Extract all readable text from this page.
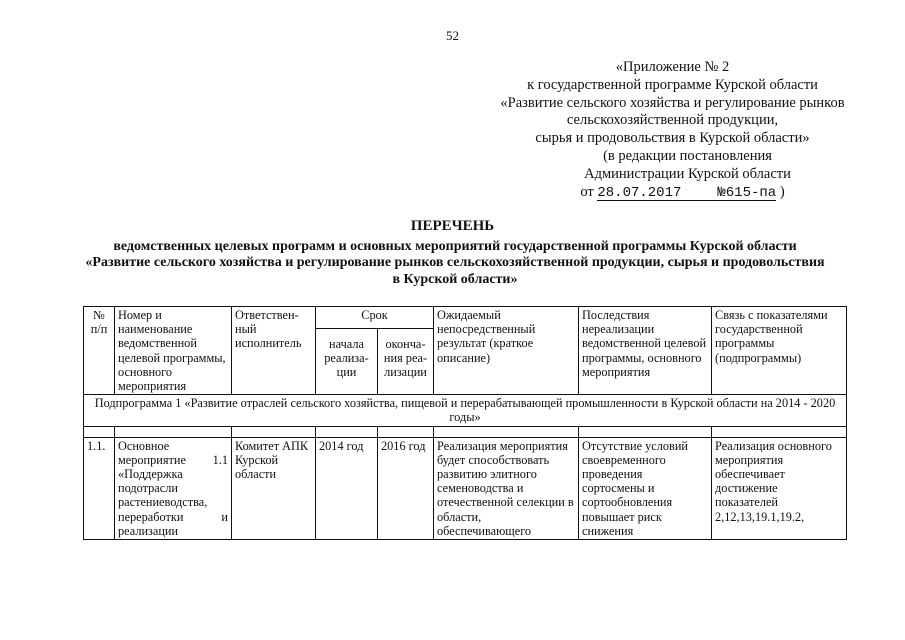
52
«Приложение № 2
к государственной программе Курской области
«Развитие сельского хозяйства и регулирование рынков
сельскохозяйственной продукции,
сырья и продовольствия в Курской области»
(в редакции постановления
Администрации Курской области
от 28.07.2017	№615-па )
ПЕРЕЧЕНЬ
ведомственных целевых программ и основных мероприятий государственной программы Курской области «Развитие сельского хозяйства и регулирование рынков сельскохозяйственной продукции, сырья и продовольствия в Курской области»
№ п/п	Номер и наименование ведомственной целевой программы, основного мероприятия	Ответствен-ный исполнитель	Срок		Ожидаемый непосредственный результат (краткое описание)	Последствия нереализации ведомственной целевой программы, основного мероприятия	Связь с показателями государственной программы (подпрограммы)
			начала реализа-ции	оконча-ния реа-лизации			
Подпрограмма 1 «Развитие отраслей сельского хозяйства, пищевой и перерабатывающей промышленности в Курской области на 2014 - 2020 годы»							

1.1.	Основное мероприятие 1.1 «Поддержка подотрасли растениеводства, переработки и реализации	Комитет АПК Курской области	2014 год	2016 год	Реализация мероприятия будет способствовать развитию элитного семеноводства и отечественной селекции в области, обеспечивающего	Отсутствие условий своевременного проведения сортосмены и сортообновления повышает риск снижения	Реализация основного мероприятия обеспечивает достижение показателей 2,12,13,19.1,19.2,
